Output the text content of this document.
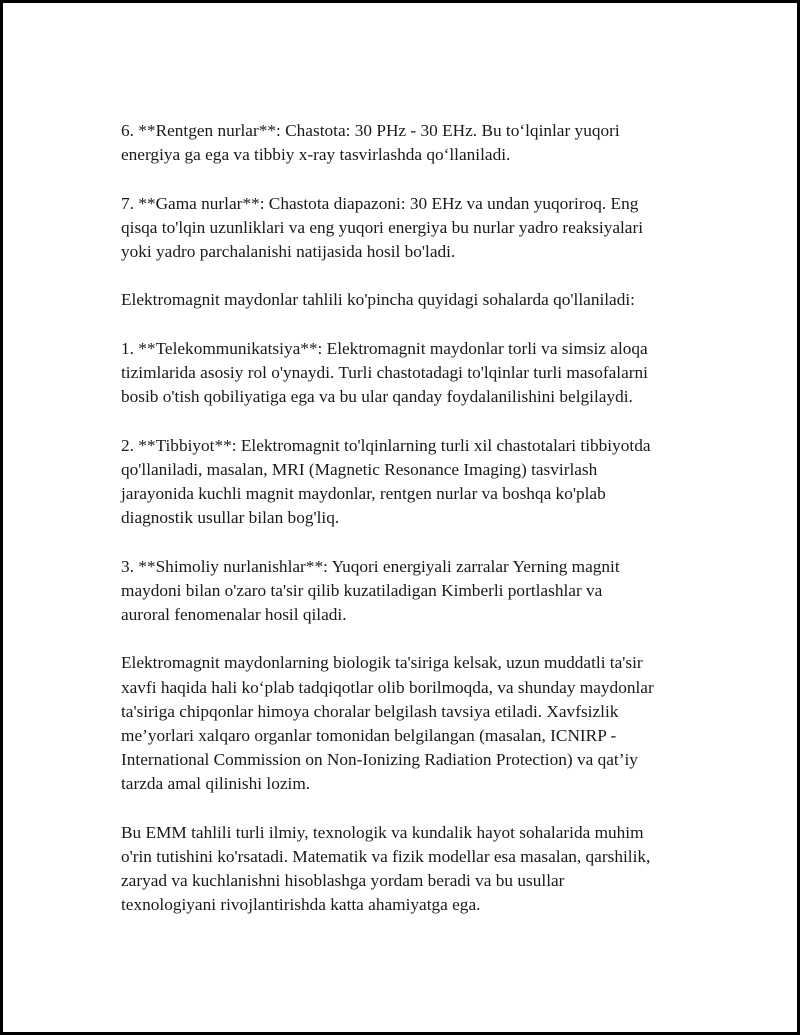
6. **Rentgen nurlar**: Chastota: 30 PHz - 30 EHz. Bu to‘lqinlar yuqori
energiya ga ega va tibbiy x-ray tasvirlashda qo‘llaniladi.

7. **Gama nurlar**: Chastota diapazoni: 30 EHz va undan yuqoriroq. Eng
qisqa to'lqin uzunliklari va eng yuqori energiya bu nurlar yadro reaksiyalari
yoki yadro parchalanishi natijasida hosil bo'ladi.

Elektromagnit maydonlar tahlili ko'pincha quyidagi sohalarda qo'llaniladi:

1. **Telekommunikatsiya**: Elektromagnit maydonlar torli va simsiz aloqa
tizimlarida asosiy rol o'ynaydi. Turli chastotadagi to'lqinlar turli masofalarni
bosib o'tish qobiliyatiga ega va bu ular qanday foydalanilishini belgilaydi.

2. **Tibbiyot**: Elektromagnit to'lqinlarning turli xil chastotalari tibbiyotda
qo'llaniladi, masalan, MRI (Magnetic Resonance Imaging) tasvirlash
jarayonida kuchli magnit maydonlar, rentgen nurlar va boshqa ko'plab
diagnostik usullar bilan bog'liq.

3. **Shimoliy nurlanishlar**: Yuqori energiyali zarralar Yerning magnit
maydoni bilan o'zaro ta'sir qilib kuzatiladigan Kimberli portlashlar va
auroral fenomenalar hosil qiladi.

Elektromagnit maydonlarning biologik ta'siriga kelsak, uzun muddatli ta'sir
xavfi haqida hali ko‘plab tadqiqotlar olib borilmoqda, va shunday maydonlar
ta'siriga chipqonlar himoya choralar belgilash tavsiya etiladi. Xavfsizlik
me’yorlari xalqaro organlar tomonidan belgilangan (masalan, ICNIRP -
International Commission on Non-Ionizing Radiation Protection) va qat’iy
tarzda amal qilinishi lozim.

Bu EMM tahlili turli ilmiy, texnologik va kundalik hayot sohalarida muhim
o'rin tutishini ko'rsatadi. Matematik va fizik modellar esa masalan, qarshilik,
zaryad va kuchlanishni hisoblashga yordam beradi va bu usullar
texnologiyani rivojlantirishda katta ahamiyatga ega.
